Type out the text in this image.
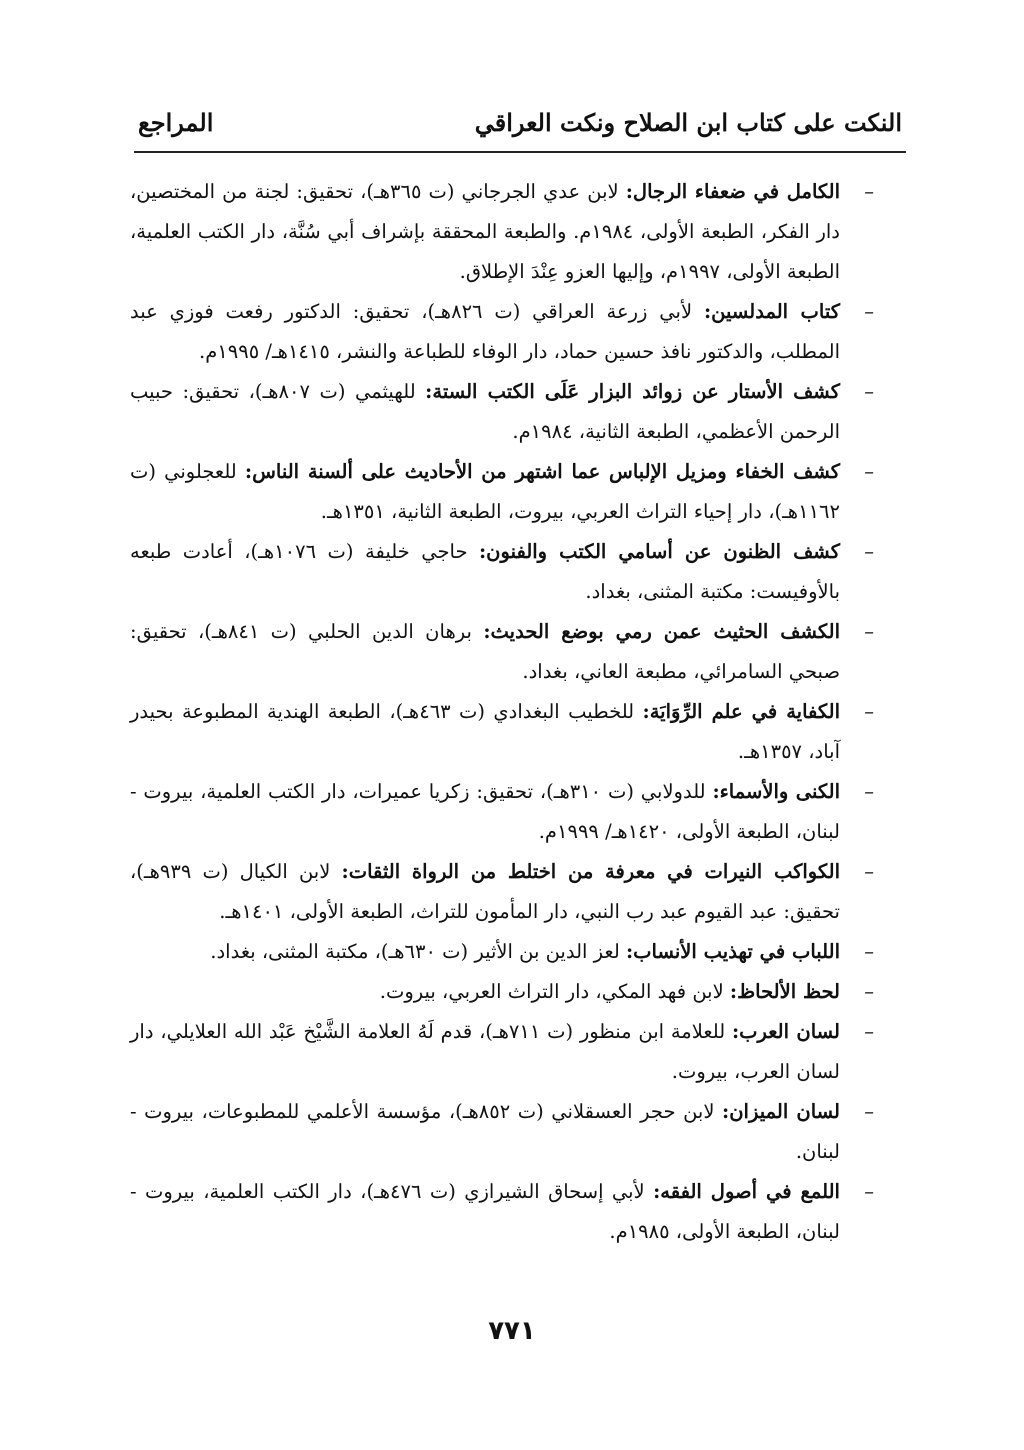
النكت على كتاب ابن الصلاح ونكت العراقي
المراجع
–
الكامل في ضعفاء الرجال: لابن عدي الجرجاني (ت ٣٦٥هـ)، تحقيق: لجنة من المختصين، دار الفكر، الطبعة الأولى، ١٩٨٤م. والطبعة المحققة بإشراف أبي سُنَّة، دار الكتب العلمية، الطبعة الأولى، ١٩٩٧م، وإليها العزو عِنْدَ الإطلاق.
–
كتاب المدلسين: لأبي زرعة العراقي (ت ٨٢٦هـ)، تحقيق: الدكتور رفعت فوزي عبد المطلب، والدكتور نافذ حسين حماد، دار الوفاء للطباعة والنشر، ١٤١٥هـ/ ١٩٩٥م.
–
كشف الأستار عن زوائد البزار عَلَى الكتب الستة: للهيثمي (ت ٨٠٧هـ)، تحقيق: حبيب الرحمن الأعظمي، الطبعة الثانية، ١٩٨٤م.
–
كشف الخفاء ومزيل الإلباس عما اشتهر من الأحاديث على ألسنة الناس: للعجلوني (ت ١١٦٢هـ)، دار إحياء التراث العربي، بيروت، الطبعة الثانية، ١٣٥١هـ.
–
كشف الظنون عن أسامي الكتب والفنون: حاجي خليفة (ت ١٠٧٦هـ)، أعادت طبعه بالأوفيست: مكتبة المثنى، بغداد.
–
الكشف الحثيث عمن رمي بوضع الحديث: برهان الدين الحلبي (ت ٨٤١هـ)، تحقيق: صبحي السامرائي، مطبعة العاني، بغداد.
–
الكفاية في علم الرِّوَايَة: للخطيب البغدادي (ت ٤٦٣هـ)، الطبعة الهندية المطبوعة بحيدر آباد، ١٣٥٧هـ.
–
الكنى والأسماء: للدولابي (ت ٣١٠هـ)، تحقيق: زكريا عميرات، دار الكتب العلمية، بيروت - لبنان، الطبعة الأولى، ١٤٢٠هـ/ ١٩٩٩م.
–
الكواكب النيرات في معرفة من اختلط من الرواة الثقات: لابن الكيال (ت ٩٣٩هـ)، تحقيق: عبد القيوم عبد رب النبي، دار المأمون للتراث، الطبعة الأولى، ١٤٠١هـ.
–
اللباب في تهذيب الأنساب: لعز الدين بن الأثير (ت ٦٣٠هـ)، مكتبة المثنى، بغداد.
–
لحظ الألحاظ: لابن فهد المكي، دار التراث العربي، بيروت.
–
لسان العرب: للعلامة ابن منظور (ت ٧١١هـ)، قدم لَهُ العلامة الشَّيْخ عَبْد الله العلايلي، دار لسان العرب، بيروت.
–
لسان الميزان: لابن حجر العسقلاني (ت ٨٥٢هـ)، مؤسسة الأعلمي للمطبوعات، بيروت - لبنان.
–
اللمع في أصول الفقه: لأبي إسحاق الشيرازي (ت ٤٧٦هـ)، دار الكتب العلمية، بيروت - لبنان، الطبعة الأولى، ١٩٨٥م.
٧٧١
